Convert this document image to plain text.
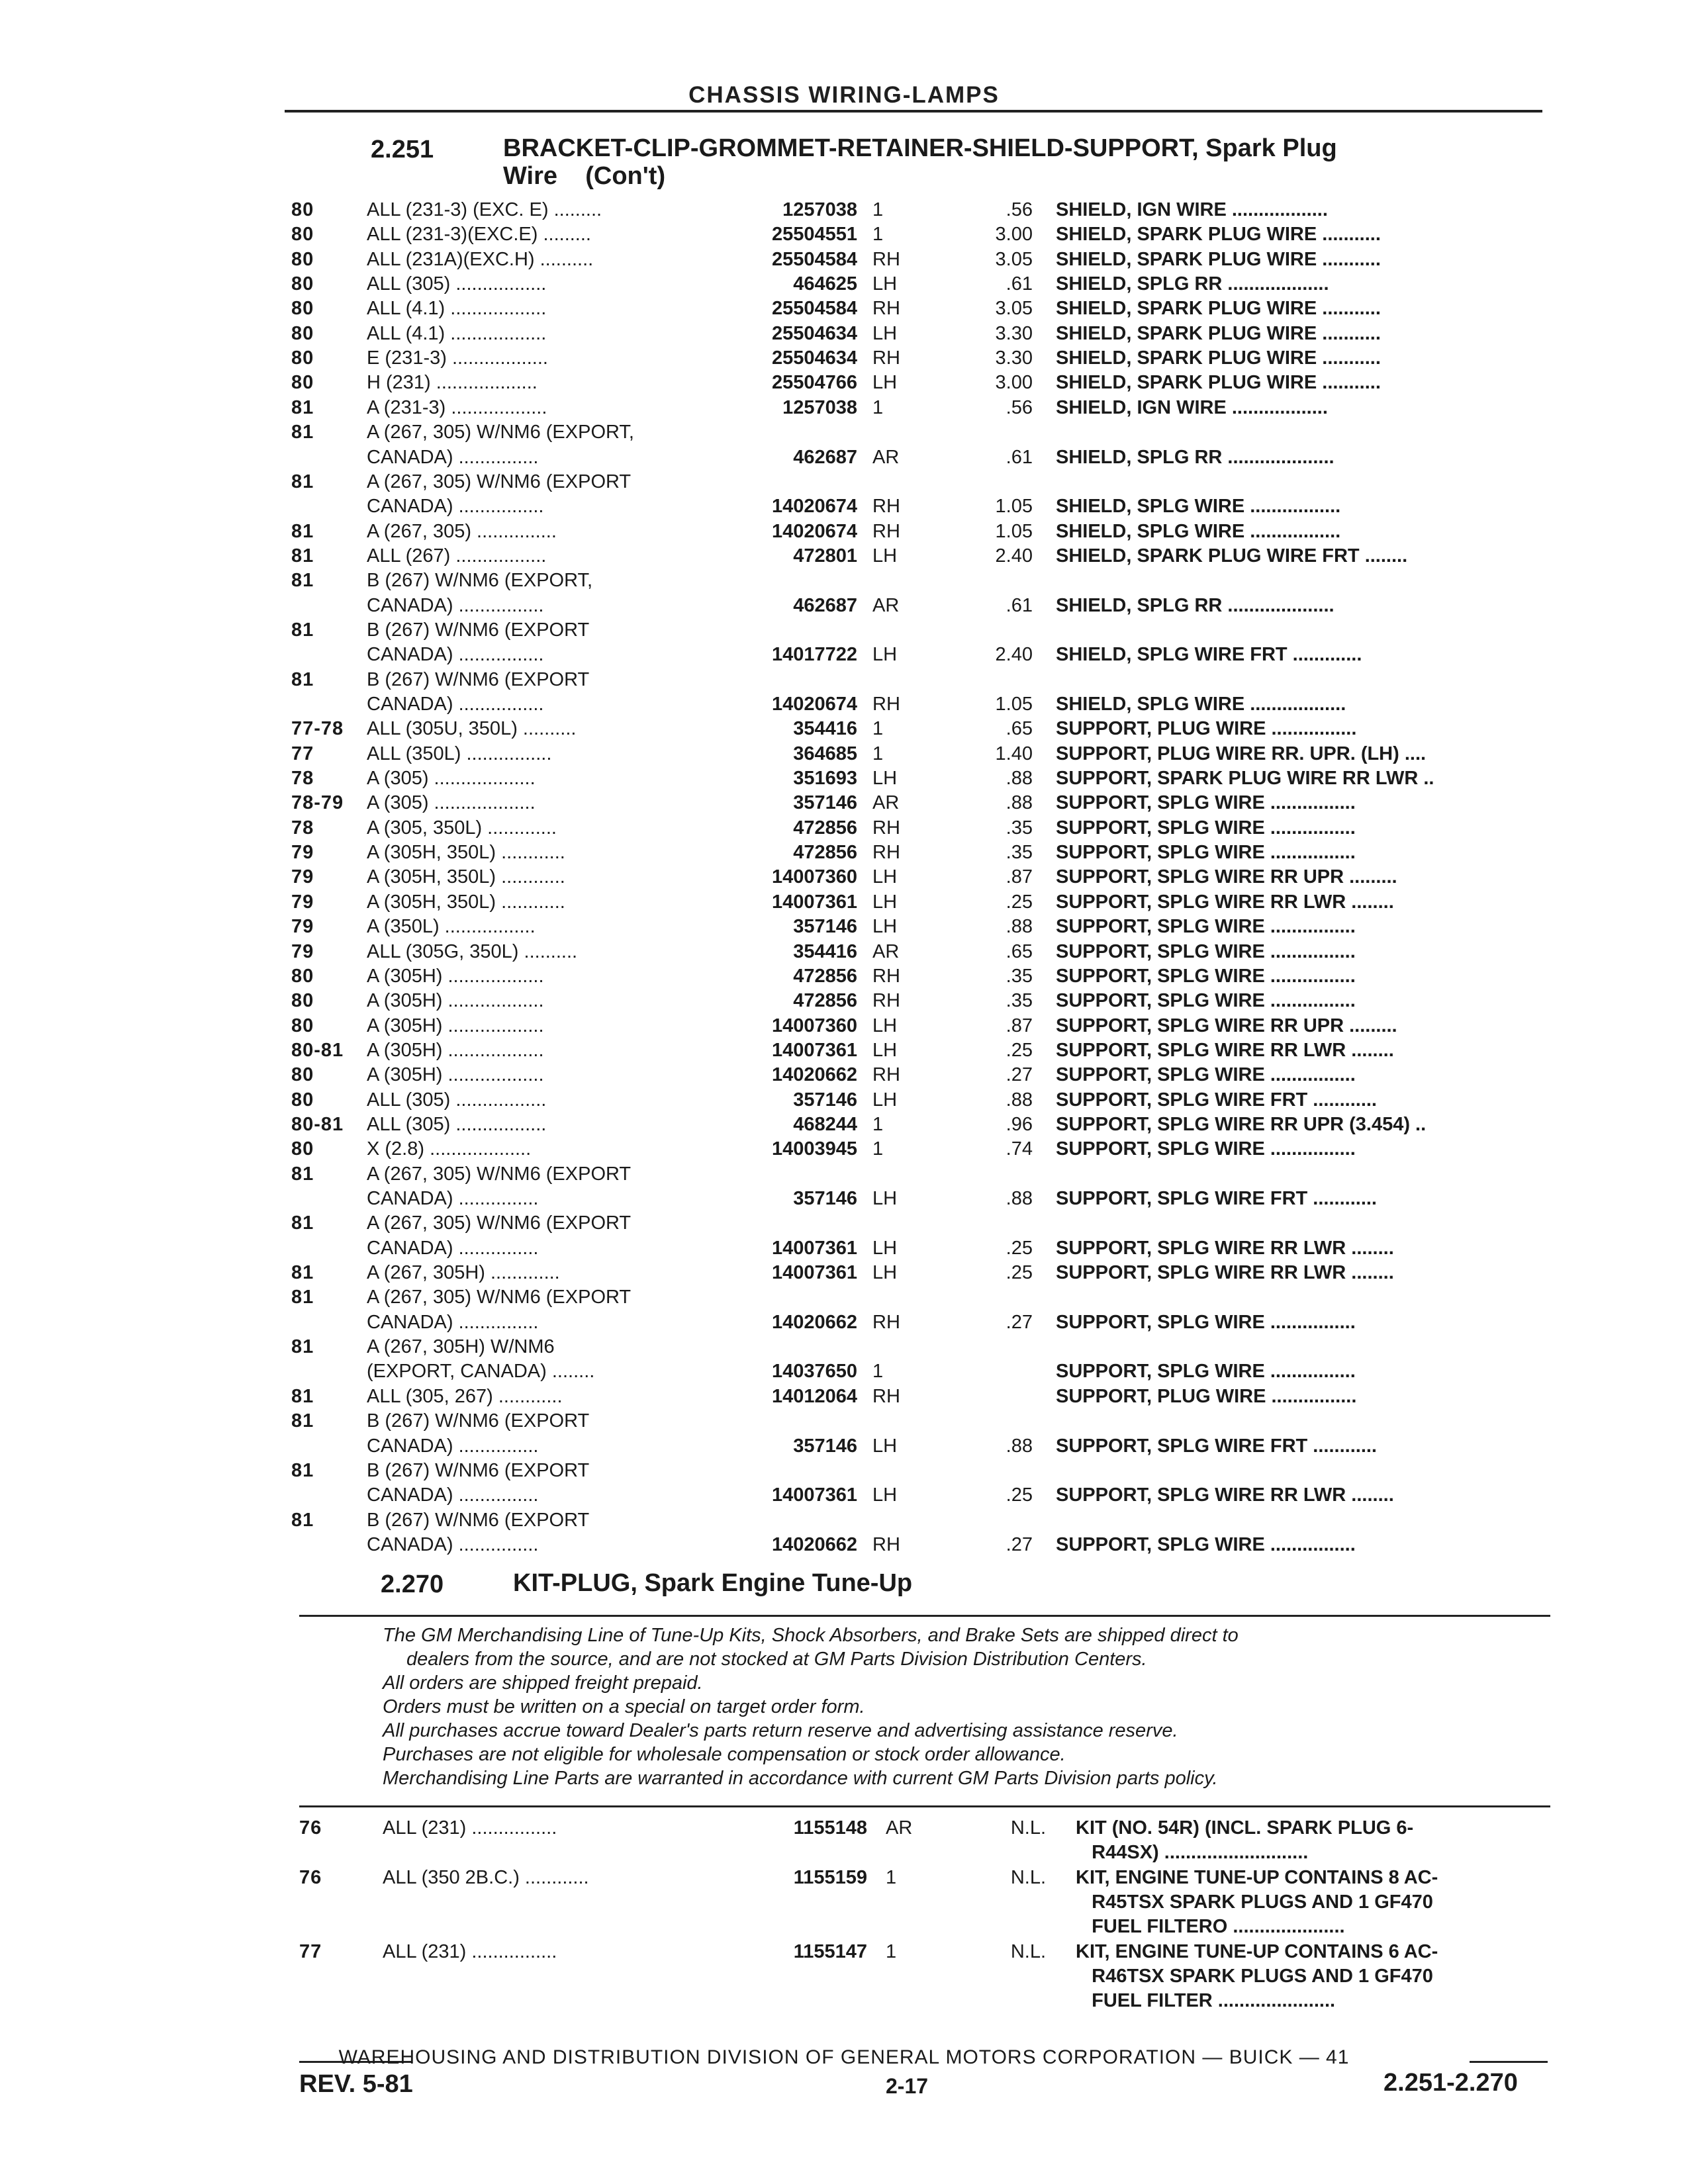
CHASSIS WIRING-LAMPS
2.251	BRACKET-CLIP-GROMMET-RETAINER-SHIELD-SUPPORT, Spark Plug
Wire    (Con't)
80	ALL (231-3) (EXC. E) .........	1257038 1	.56 SHIELD, IGN WIRE ..................
80	ALL (231-3)(EXC.E) .........	25504551 1	3.00 SHIELD, SPARK PLUG WIRE ...........
80	ALL (231A)(EXC.H) ..........	25504584 RH	3.05 SHIELD, SPARK PLUG WIRE ...........
80	ALL (305) .................	464625 LH	.61 SHIELD, SPLG RR ...................
80	ALL (4.1) ..................	25504584 RH	3.05 SHIELD, SPARK PLUG WIRE ...........
80	ALL (4.1) ..................	25504634 LH	3.30 SHIELD, SPARK PLUG WIRE ...........
80	E (231-3) ..................	25504634 RH	3.30 SHIELD, SPARK PLUG WIRE ...........
80	H (231) ...................	25504766 LH	3.00 SHIELD, SPARK PLUG WIRE ...........
81	A (231-3) ..................	1257038 1	.56 SHIELD, IGN WIRE ..................
81	A (267, 305) W/NM6 (EXPORT,
CANADA) ...............	462687 AR	.61 SHIELD, SPLG RR ....................
81	A (267, 305) W/NM6 (EXPORT
CANADA) ................	14020674 RH	1.05 SHIELD, SPLG WIRE .................
81	A (267, 305) ...............	14020674 RH	1.05 SHIELD, SPLG WIRE .................
81	ALL (267) .................	472801 LH	2.40 SHIELD, SPARK PLUG WIRE FRT ........
81	B (267) W/NM6 (EXPORT,
CANADA) ................	462687 AR	.61 SHIELD, SPLG RR ....................
81	B (267) W/NM6 (EXPORT
CANADA) ................	14017722 LH	2.40 SHIELD, SPLG WIRE FRT .............
81	B (267) W/NM6 (EXPORT
CANADA) ................	14020674 RH	1.05 SHIELD, SPLG WIRE ..................
77-78 ALL (305U, 350L) ..........	354416 1	.65 SUPPORT, PLUG WIRE ................
77	ALL (350L) ................	364685 1	1.40 SUPPORT, PLUG WIRE RR. UPR. (LH) ....
78	A (305) ...................	351693 LH	.88 SUPPORT, SPARK PLUG WIRE RR LWR ..
78-79 A (305) ...................	357146 AR	.88 SUPPORT, SPLG WIRE ................
78	A (305, 350L) .............	472856 RH	.35 SUPPORT, SPLG WIRE ................
79	A (305H, 350L) ............	472856 RH	.35 SUPPORT, SPLG WIRE ................
79	A (305H, 350L) ............	14007360 LH	.87 SUPPORT, SPLG WIRE RR UPR .........
79	A (305H, 350L) ............	14007361 LH	.25 SUPPORT, SPLG WIRE RR LWR ........
79	A (350L) .................	357146 LH	.88 SUPPORT, SPLG WIRE ................
79	ALL (305G, 350L) ..........	354416 AR	.65 SUPPORT, SPLG WIRE ................
80	A (305H) ..................	472856 RH	.35 SUPPORT, SPLG WIRE ................
80	A (305H) ..................	472856 RH	.35 SUPPORT, SPLG WIRE ................
80	A (305H) ..................	14007360 LH	.87 SUPPORT, SPLG WIRE RR UPR .........
80-81 A (305H) ..................	14007361 LH	.25 SUPPORT, SPLG WIRE RR LWR ........
80	A (305H) ..................	14020662 RH	.27 SUPPORT, SPLG WIRE ................
80	ALL (305) .................	357146 LH	.88 SUPPORT, SPLG WIRE FRT ............
80-81 ALL (305) .................	468244 1	.96 SUPPORT, SPLG WIRE RR UPR (3.454) ..
80	X (2.8) ...................	14003945 1	.74 SUPPORT, SPLG WIRE ................
81	A (267, 305) W/NM6 (EXPORT
CANADA) ...............	357146 LH	.88 SUPPORT, SPLG WIRE FRT ............
81	A (267, 305) W/NM6 (EXPORT
CANADA) ...............	14007361 LH	.25 SUPPORT, SPLG WIRE RR LWR ........
81	A (267, 305H) .............	14007361 LH	.25 SUPPORT, SPLG WIRE RR LWR ........
81	A (267, 305) W/NM6 (EXPORT
CANADA) ...............	14020662 RH	.27 SUPPORT, SPLG WIRE ................
81	A (267, 305H) W/NM6
(EXPORT, CANADA) ........	14037650 1	SUPPORT, SPLG WIRE ................
81	ALL (305, 267) ............	14012064 RH	SUPPORT, PLUG WIRE ................
81	B (267) W/NM6 (EXPORT
CANADA) ...............	357146 LH	.88 SUPPORT, SPLG WIRE FRT ............
81	B (267) W/NM6 (EXPORT
CANADA) ...............	14007361 LH	.25 SUPPORT, SPLG WIRE RR LWR ........
81	B (267) W/NM6 (EXPORT
CANADA) ...............	14020662 RH	.27 SUPPORT, SPLG WIRE ................
2.270	KIT-PLUG, Spark Engine Tune-Up
The GM Merchandising Line of Tune-Up Kits, Shock Absorbers, and Brake Sets are shipped direct to
dealers from the source, and are not stocked at GM Parts Division Distribution Centers.
All orders are shipped freight prepaid.
Orders must be written on a special on target order form.
All purchases accrue toward Dealer's parts return reserve and advertising assistance reserve.
Purchases are not eligible for wholesale compensation or stock order allowance.
Merchandising Line Parts are warranted in accordance with current GM Parts Division parts policy.
76	ALL (231) ................	1155148 AR	N.L. KIT (NO. 54R) (INCL. SPARK PLUG 6-
R44SX) ...........................
76	ALL (350 2B.C.) ............	1155159 1	N.L. KIT, ENGINE TUNE-UP CONTAINS 8 AC-
R45TSX SPARK PLUGS AND 1 GF470
FUEL FILTERO .....................
77	ALL (231) ................	1155147 1	N.L. KIT, ENGINE TUNE-UP CONTAINS 6 AC-
R46TSX SPARK PLUGS AND 1 GF470
FUEL FILTER ......................
WAREHOUSING AND DISTRIBUTION DIVISION OF GENERAL MOTORS CORPORATION — BUICK — 41
REV. 5-81	2-17	2.251-2.270
